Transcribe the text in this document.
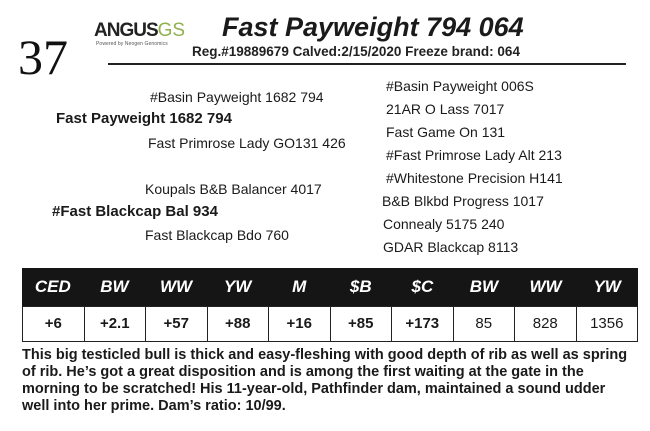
37 ANGUSGS
Powered by Neogen Genomics
Fast Payweight 794 064
Reg.#19889679 Calved:2/15/2020 Freeze brand: 064
#Basin Payweight 1682 794
Fast Payweight 1682 794
Fast Primrose Lady GO131 426
Koupals B&B Balancer 4017
#Fast Blackcap Bal 934
Fast Blackcap Bdo 760
#Basin Payweight 006S
21AR O Lass 7017
Fast Game On 131
#Fast Primrose Lady Alt 213
#Whitestone Precision H141
B&B Blkbd Progress 1017
Connealy 5175 240
GDAR Blackcap 8113
CED	BW	WW	YW	M	$B	$C	BW	WW	YW
+6	+2.1	+57	+88	+16	+85	+173	85	828	1356
This big testicled bull is thick and easy-fleshing with good depth of rib as well as spring of rib. He’s got a great disposition and is among the first waiting at the gate in the morning to be scratched! His 11-year-old, Pathfinder dam, maintained a sound udder well into her prime. Dam’s ratio: 10/99.
